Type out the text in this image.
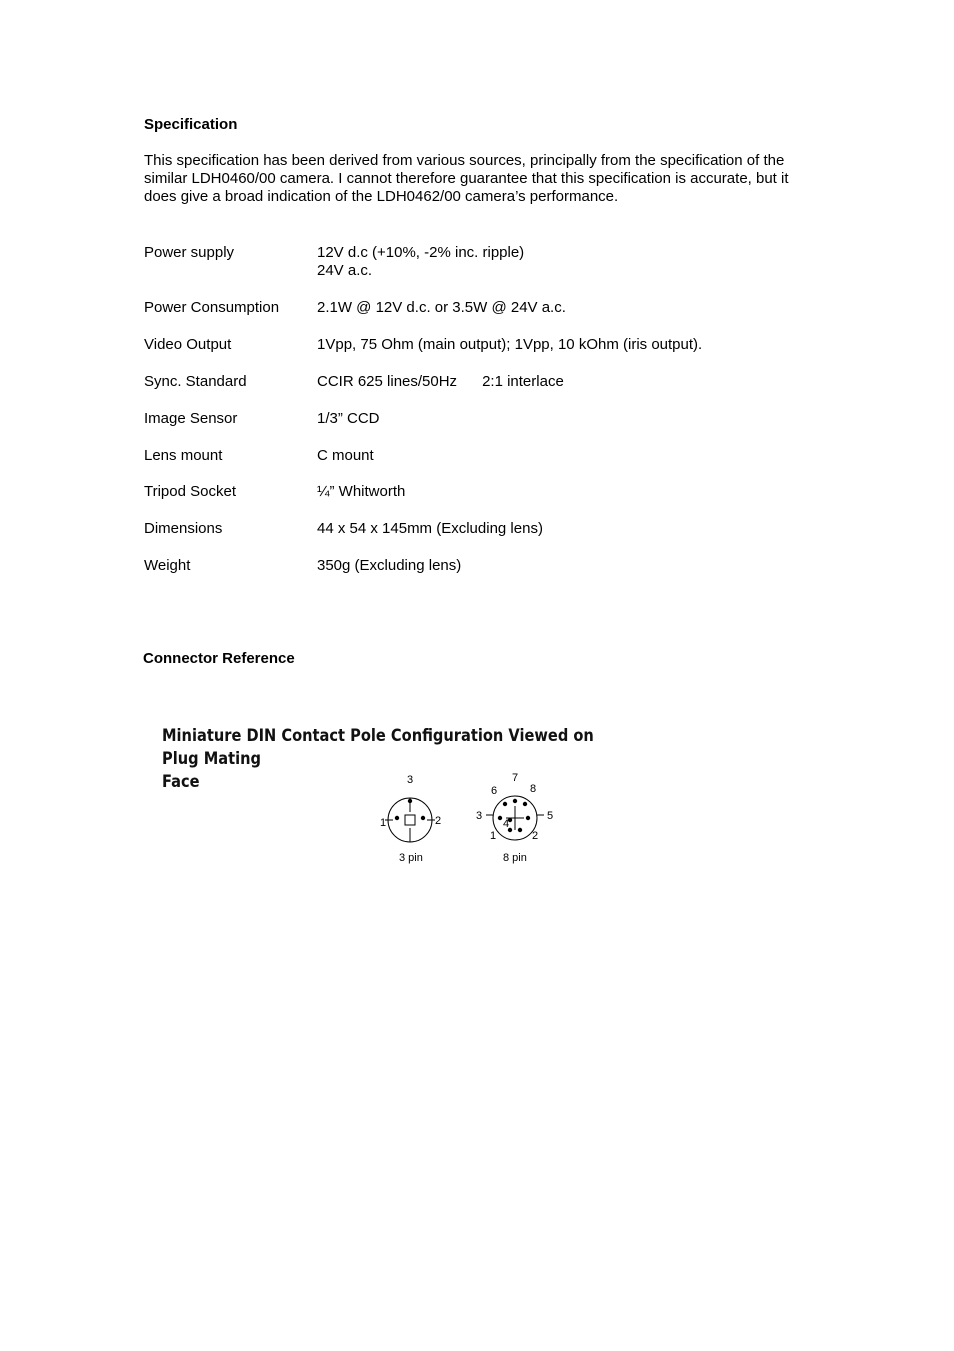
Specification
This specification has been derived from various sources, principally from the specification of the similar LDH0460/00 camera. I cannot therefore guarantee that this specification is accurate, but it does give a broad indication of the LDH0462/00 camera’s performance.
Power supply	12V d.c (+10%, -2% inc. ripple)
24V a.c.
Power Consumption	2.1W @ 12V d.c. or 3.5W @ 24V a.c.
Video Output	1Vpp, 75 Ohm (main output); 1Vpp, 10 kOhm (iris output).
Sync. Standard	CCIR 625 lines/50Hz      2:1 interlace
Image Sensor	1/3” CCD
Lens mount	C mount
Tripod Socket	¼” Whitworth
Dimensions	44 x 54 x 145mm (Excluding lens)
Weight	350g (Excluding lens)
Connector Reference
Miniature DIN Contact Pole Configuration Viewed on Plug Mating
Face	3
1	2
3 pin
7
6	8
3	5
4
1	2
8 pin
